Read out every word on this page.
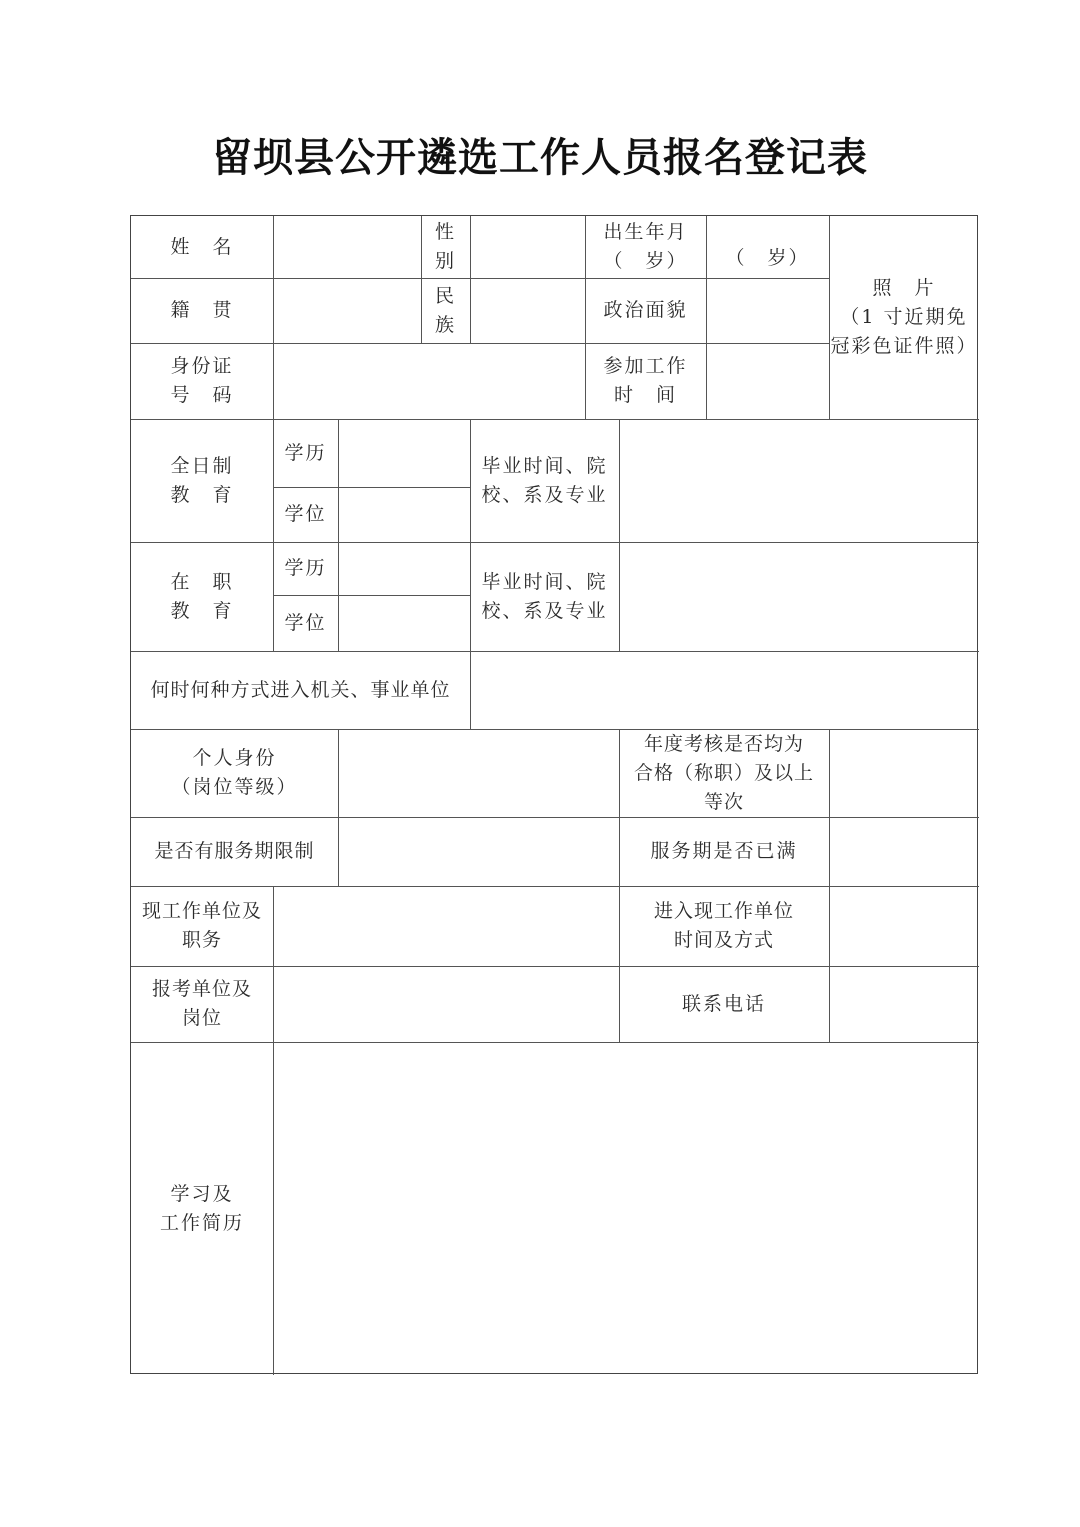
留坝县公开遴选工作人员报名登记表
姓　名
性
别
出生年月
（　岁）	（　岁）
照　片
（1 寸近期免
冠彩色证件照）
籍　贯
民
族
政治面貌
身份证
号　码
参加工作
时　间
全日制
教　育
学历
学位
毕业时间、院
校、系及专业
在　职
教　育
学历
学位
毕业时间、院
校、系及专业
何时何种方式进入机关、事业单位
个人身份
（岗位等级）
年度考核是否均为
合格（称职）及以上
等次
是否有服务期限制	服务期是否已满
现工作单位及
职务
进入现工作单位
时间及方式
报考单位及
岗位
联系电话
学习及
工作简历
